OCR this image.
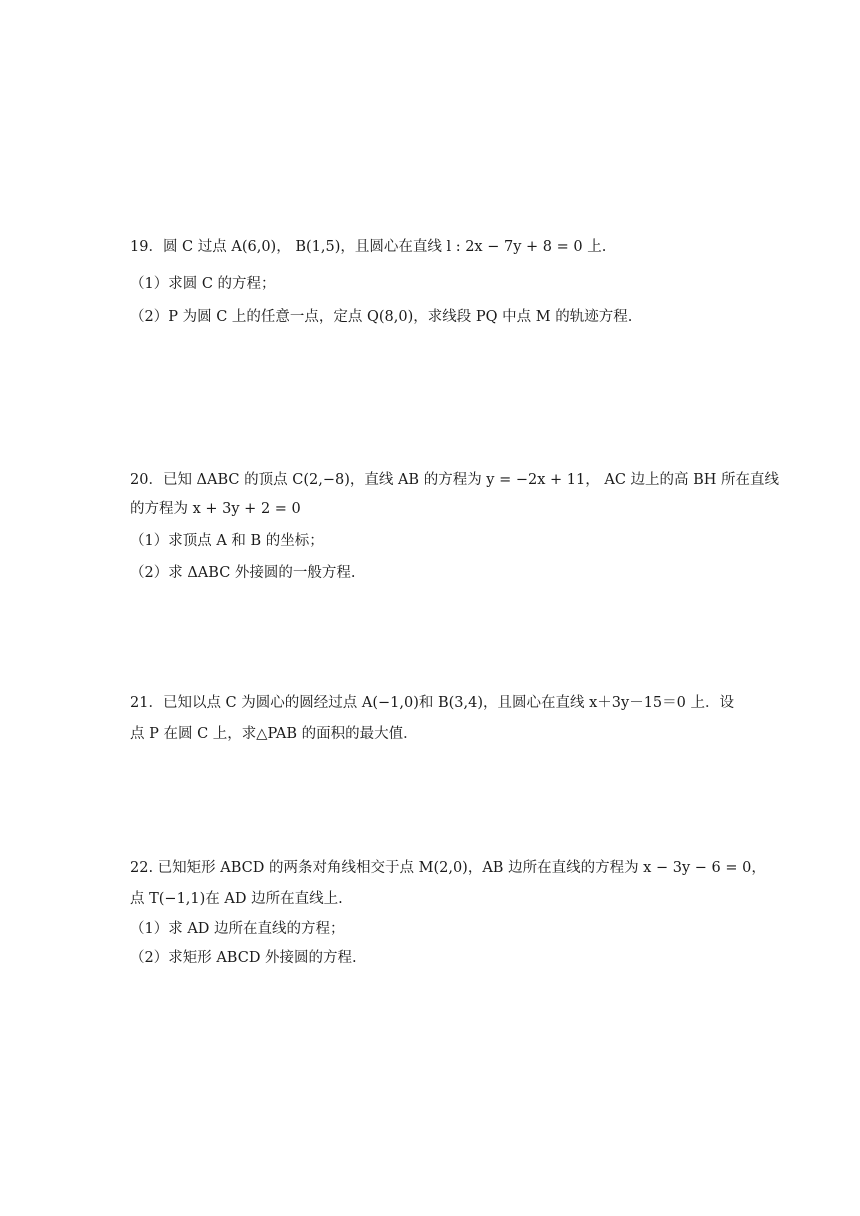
19．圆 C 过点 A(6,0)， B(1,5)，且圆心在直线 l : 2x − 7y + 8 = 0 上.
（1）求圆 C 的方程；
（2）P 为圆 C 上的任意一点，定点 Q(8,0)，求线段 PQ 中点 M 的轨迹方程.
20．已知 ΔABC 的顶点 C(2,−8)，直线 AB 的方程为 y = −2x + 11， AC 边上的高 BH 所在直线
的方程为 x + 3y + 2 = 0
（1）求顶点 A 和 B 的坐标；
（2）求 ΔABC 外接圆的一般方程.
21．已知以点 C 为圆心的圆经过点 A(−1,0)和 B(3,4)，且圆心在直线 x＋3y－15＝0 上．设
点 P 在圆 C 上，求△PAB 的面积的最大值．
22. 已知矩形 ABCD 的两条对角线相交于点 M(2,0)，AB 边所在直线的方程为 x − 3y − 6 = 0，
点 T(−1,1)在 AD 边所在直线上.
（1）求 AD 边所在直线的方程；
（2）求矩形 ABCD 外接圆的方程.
